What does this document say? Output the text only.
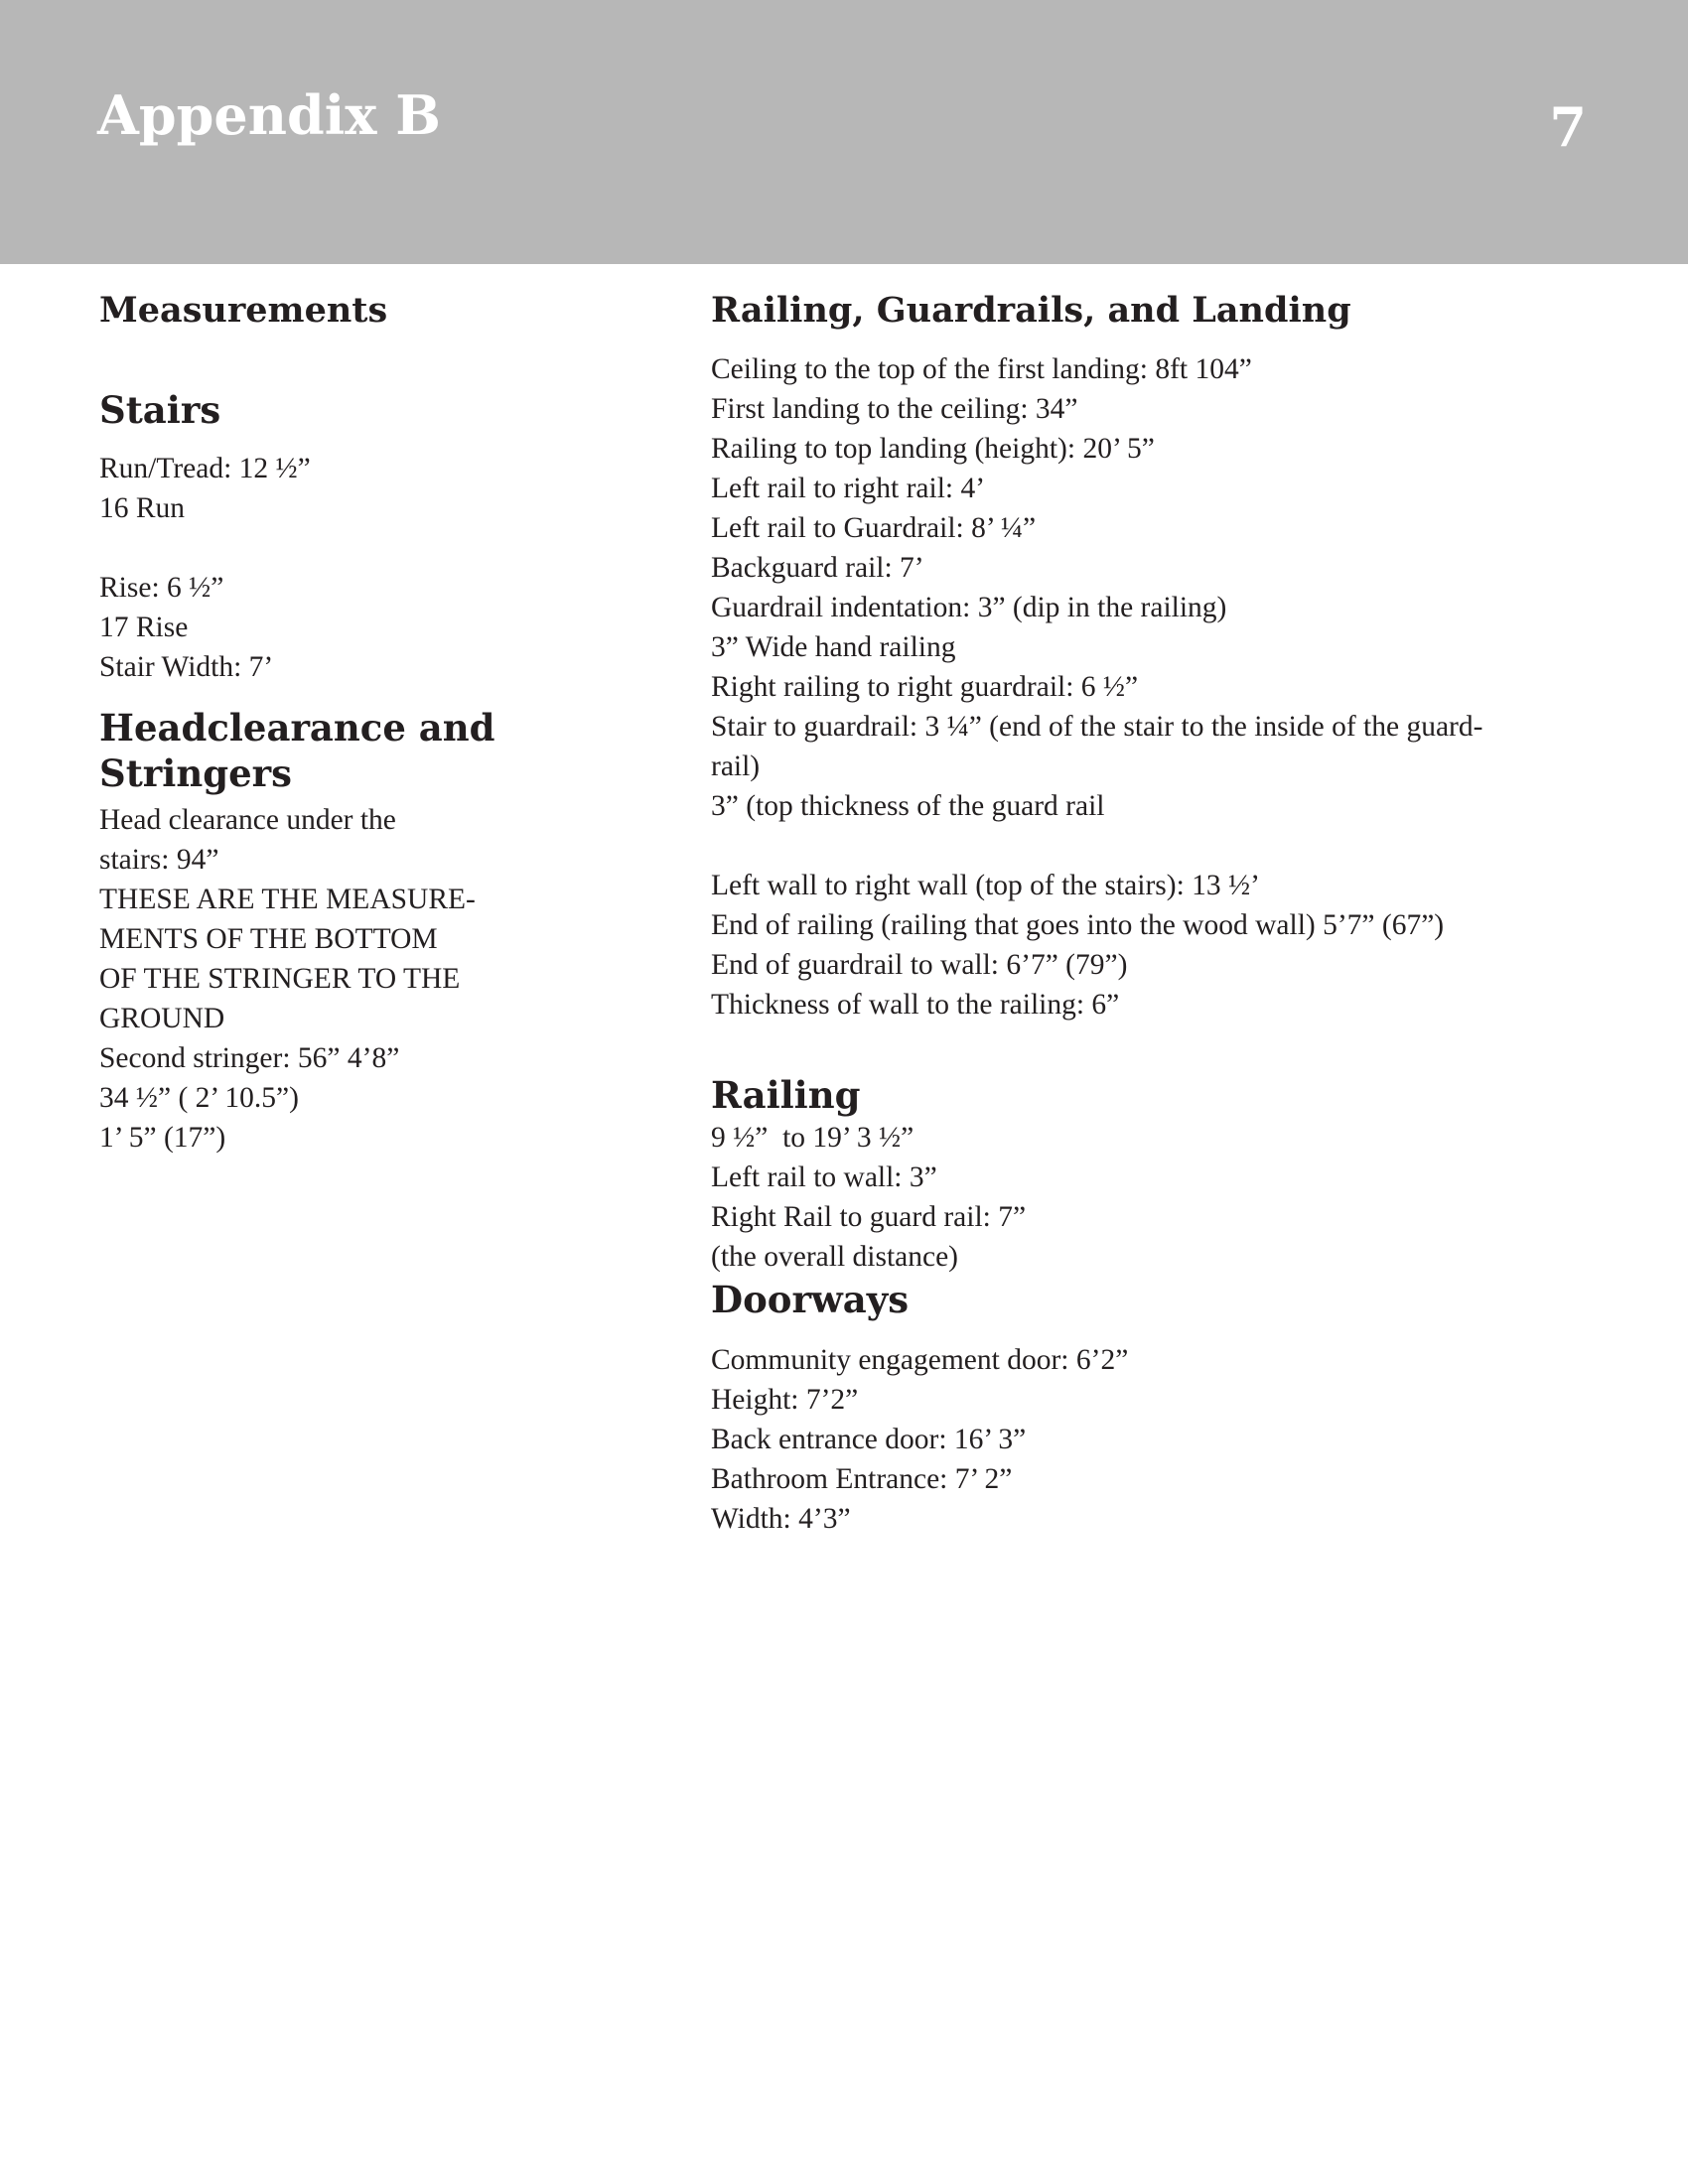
Appendix B	7
Measurements
Stairs

Run/Tread: 12 ½”

16 Run

Rise: 6 ½”

17 Rise

Stair Width: 7’

Headclearance and
Stringers

Head clearance under the

stairs: 94”

THESE ARE THE MEASURE-

MENTS OF THE BOTTOM

OF THE STRINGER TO THE

GROUND

Second stringer: 56” 4’8”

34 ½” ( 2’ 10.5”)

1’ 5” (17”)

Railing, Guardrails, and Landing

Ceiling to the top of the first landing: 8ft 104”

First landing to the ceiling: 34”

Railing to top landing (height): 20’ 5”

Left rail to right rail: 4’

Left rail to Guardrail: 8’ ¼”

Backguard rail: 7’

Guardrail indentation: 3” (dip in the railing)

3” Wide hand railing

Right railing to right guardrail: 6 ½”

Stair to guardrail: 3 ¼” (end of the stair to the inside of the guard-

rail)

3” (top thickness of the guard rail

Left wall to right wall (top of the stairs): 13 ½’

End of railing (railing that goes into the wood wall) 5’7” (67”)

End of guardrail to wall: 6’7” (79”)

Thickness of wall to the railing: 6”

Railing

9 ½”  to 19’ 3 ½”

Left rail to wall: 3”

Right Rail to guard rail: 7”

(the overall distance)

Doorways

Community engagement door: 6’2”

Height: 7’2”

Back entrance door: 16’ 3”

Bathroom Entrance: 7’ 2”

Width: 4’3”
